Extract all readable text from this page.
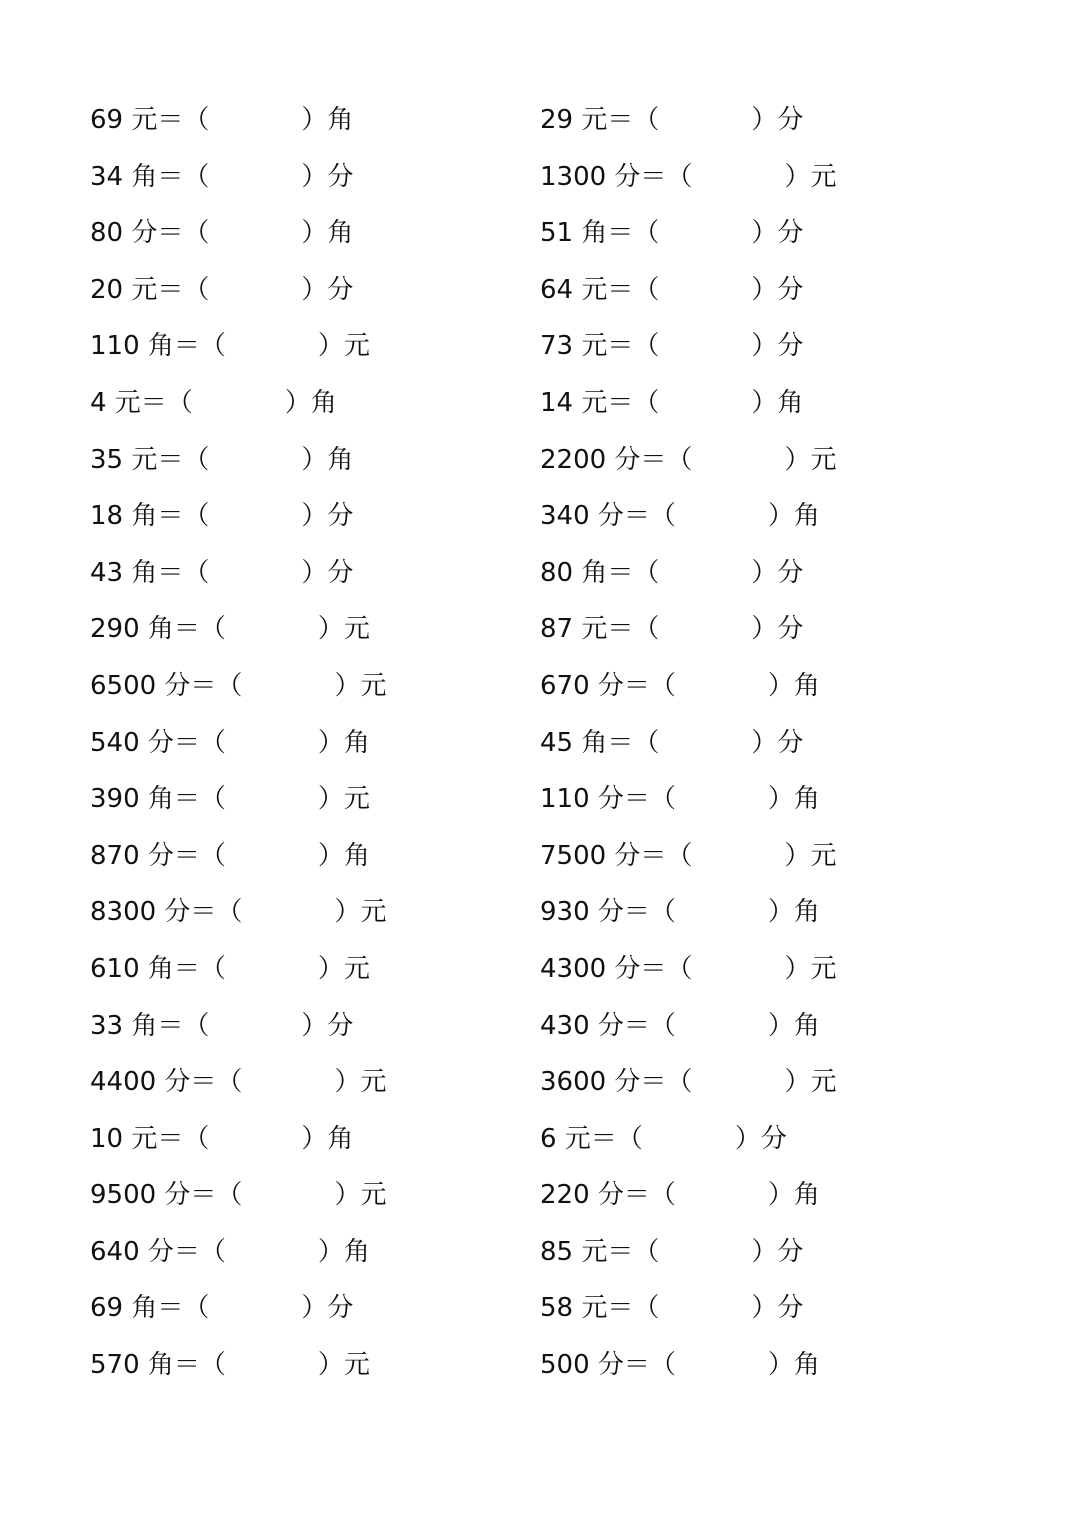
69 元＝（	）角	29 元＝（	）分
34 角＝（	）分	1300 分＝（	）元
80 分＝（	）角	51 角＝（	）分
20 元＝（	）分	64 元＝（	）分
110 角＝（	）元	73 元＝（	）分
4 元＝（	）角	14 元＝（	）角
35 元＝（	）角	2200 分＝（	）元
18 角＝（	）分	340 分＝（	）角
43 角＝（	）分	80 角＝（	）分
290 角＝（	）元	87 元＝（	）分
6500 分＝（	）元	670 分＝（	）角
540 分＝（	）角	45 角＝（	）分
390 角＝（	）元	110 分＝（	）角
870 分＝（	）角	7500 分＝（	）元
8300 分＝（	）元	930 分＝（	）角
610 角＝（	）元	4300 分＝（	）元
33 角＝（	）分	430 分＝（	）角
4400 分＝（	）元	3600 分＝（	）元
10 元＝（	）角	6 元＝（	）分
9500 分＝（	）元	220 分＝（	）角
640 分＝（	）角	85 元＝（	）分
69 角＝（	）分	58 元＝（	）分
570 角＝（	）元	500 分＝（	）角
